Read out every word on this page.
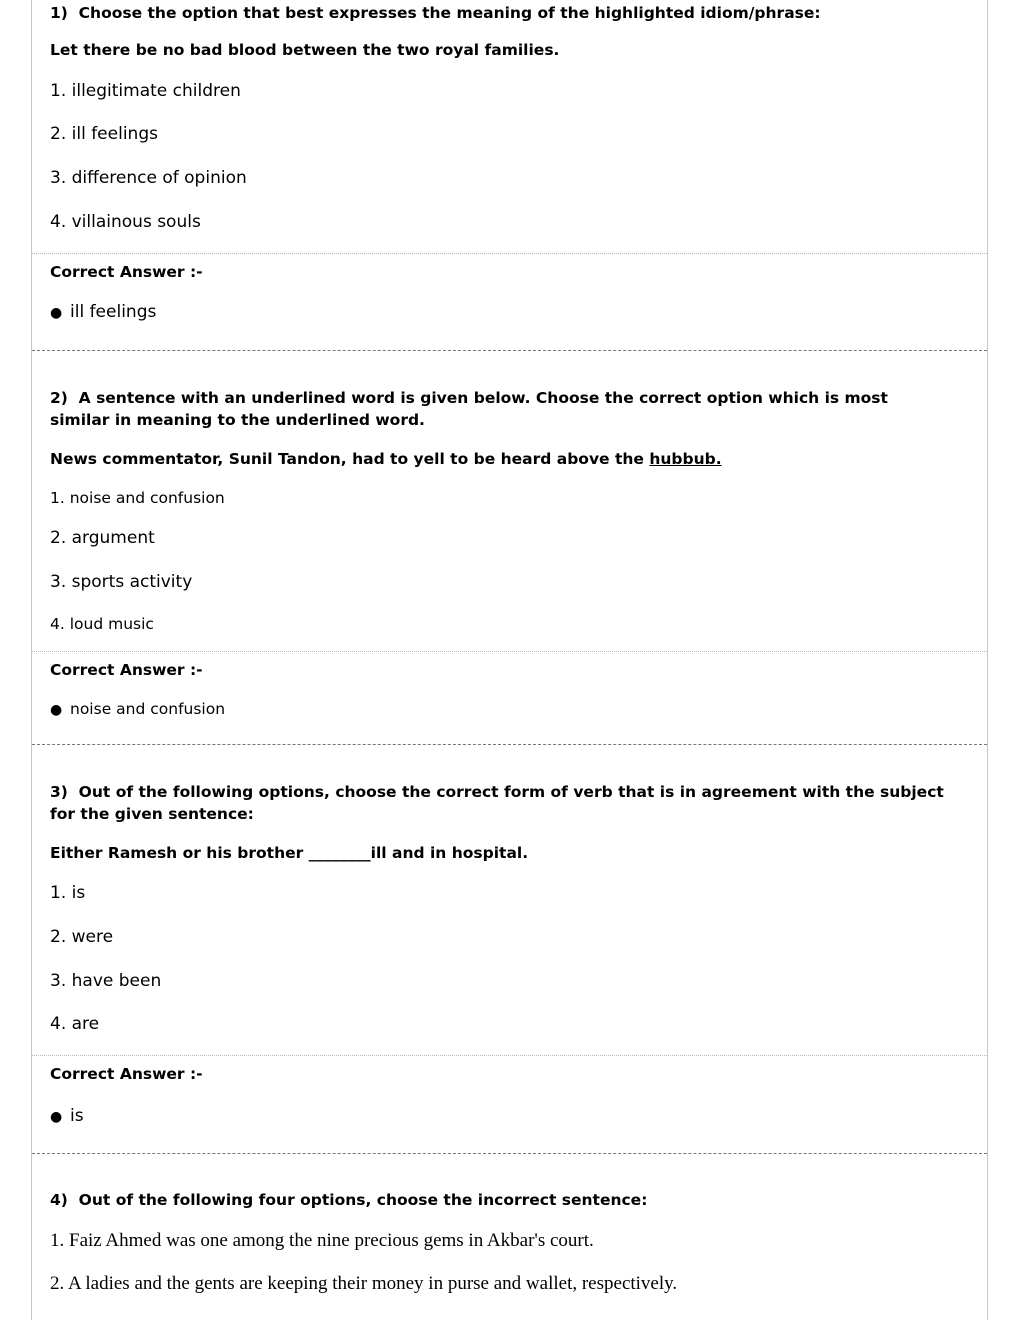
1) Choose the option that best expresses the meaning of the highlighted idiom/phrase:
Let there be no bad blood between the two royal families.
1. illegitimate children
2. ill feelings
3. difference of opinion
4. villainous souls
Correct Answer :-
● ill feelings
2) A sentence with an underlined word is given below. Choose the correct option which is most similar in meaning to the underlined word.
News commentator, Sunil Tandon, had to yell to be heard above the hubbub.
1. noise and confusion
2. argument
3. sports activity
4. loud music
Correct Answer :-
● noise and confusion
3) Out of the following options, choose the correct form of verb that is in agreement with the subject for the given sentence:
Either Ramesh or his brother ________ill and in hospital.
1. is
2. were
3. have been
4. are
Correct Answer :-
● is
4) Out of the following four options, choose the incorrect sentence:
1. Faiz Ahmed was one among the nine precious gems in Akbar's court.
2. A ladies and the gents are keeping their money in purse and wallet, respectively.
